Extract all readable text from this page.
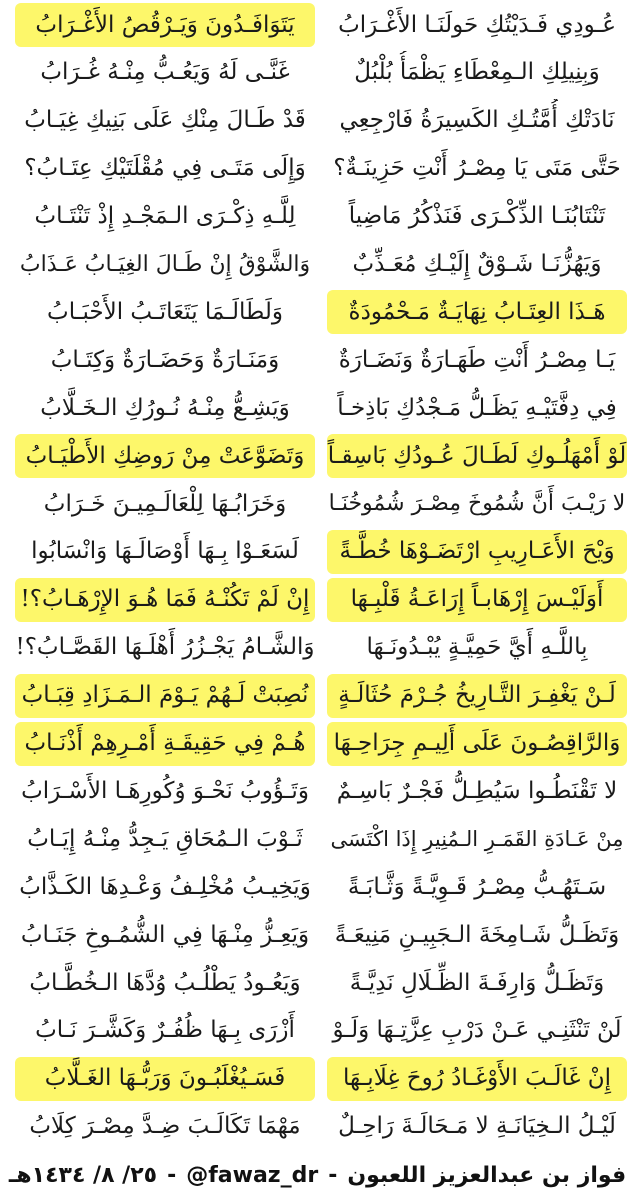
عُـودِي فَـدَيْتُكِ حَولَنَـا الأَغْـرَابُ
يَتَوَافَـدُونَ وَيَـرْقُصُ الأَغْـرَابُ
وَبِنِيلِكِ الـمِعْطَاءِ يَظْمَأُ بُلْبُلٌ
غَنَّـى لَهُ وَيَعُـبُّ مِنْـهُ غُـرَابُ
نَادَتْكِ أُمَّتُـكِ الكَسِيرَةُ فَارْجِعِي
قَدْ طَـالَ مِنْكِ عَلَى بَنِيكِ غِيَـابُ
حَتَّى مَتَى يَا مِصْـرُ أَنْتِ حَزِينَـةٌ؟
وَإِلَى مَتَـى فِي مُقْلَتَيْكِ عِتَـابُ؟
تَنْتَابُنَـا الذِّكْـرَى فَنَذْكُرُ مَاضِياً
لِلَّـهِ ذِكْـرَى الـمَجْـدِ إِذْ تَنْتَـابُ
وَيَهُزُّنَـا شَـوْقٌ إِلَيْـكِ مُعَـذِّبٌ
وَالشَّوْقُ إِنْ طَـالَ الغِيَـابُ عَـذَابُ
هَـذَا العِتَـابُ نِهَايَـةٌ مَـحْمُودَةٌ
وَلَطَالَـمَا يَتَعَاتَـبُ الأَحْبَـابُ
يَـا مِصْـرُ أَنْتِ طَهَـارَةٌ وَنَضَـارَةٌ
وَمَنَـارَةٌ وَحَضَـارَةٌ وَكِتَـابُ
فِي دِفَّتَيْـهِ يَظَـلُّ مَـجْدُكِ بَاذِخـاً
وَيَشِـعُّ مِنْـهُ نُـورُكِ الـخَـلَّابُ
لَوْ أَمْهَلُـوكِ لَطَـالَ عُـودُكِ بَاسِقـاً
وَتَضَوَّعَتْ مِنْ رَوضِكِ الأَطْيَـابُ
لا رَيْـبَ أَنَّ شُمُوخَ مِصْـرَ شُمُوخُنَـا
وَخَرَابُـهَا لِلْعَالَـمِيـنَ خَـرَابُ
وَيْحَ الأَعَـارِيبِ ارْتَضَـوْهَا خُطَّـةً
لَسَعَـوْا بِـهَا أَوْصَالَـهَا وَانْسَابُوا
أَوَلَيْـسَ إِرْهَابـاً إِرَاعَـةُ قَلْبِـهَا
إِنْ لَمْ تَكُنْـهُ فَمَا هُـوَ الإِرْهَـابُ؟!
بِاللَّـهِ أَيَّ حَمِيَّـةٍ يُبْـدُونَـهَا
وَالشَّـامُ يَجْـزُرُ أَهْلَـهَا القَصَّـابُ؟!
لَـنْ يَغْفِـرَ التَّـارِيخُ جُـرْمَ حُثَالَـةٍ
نُصِبَتْ لَـهُمْ يَـوْمَ الـمَـزَادِ قِبَـابُ
وَالرَّاقِصُـونَ عَلَى أَلِيـمِ جِرَاحِـهَا
هُـمْ فِي حَقِيقَـةِ أَمْـرِهِمْ أَذْنَـابُ
لا تَقْنَطُـوا سَيُطِـلُّ فَجْـرٌ بَاسِـمٌ
وَتَـؤُوبُ نَحْـوَ وُكُورِهَـا الأَسْـرَابُ
مِنْ عَـادَةِ القَمَـرِ الـمُنِيرِ إِذَا اكْتَسَى
ثَـوْبَ الـمُحَاقِ يَـجِدُّ مِنْـهُ إِيَـابُ
سَـتَهُـبُّ مِصْـرُ قَـوِيَّـةً وَثَّـابَـةً
وَيَخِيـبُ مُخْلِـفُ وَعْـدِهَا الكَـذَّابُ
وَتَظَـلُّ شَـامِخَةَ الـجَبِيـنِ مَنِيعَـةً
وَيَعِـزُّ مِنْـهَا فِي الشُّمُـوخِ جَنَـابُ
وَتَظَـلُّ وَارِفَـةَ الظِّـلَالِ نَدِيَّـةً
وَيَعُـودُ يَطْلُـبُ وُدَّهَا الـخُطَّـابُ
لَنْ تَنْثَنِـي عَـنْ دَرْبِ عِزَّتِـهَا وَلَـوْ
أَزْرَى بِـهَا ظُفُـرٌ وَكَشَّـرَ نَـابُ
إِنْ غَالَـبَ الأَوْغَـادُ رُوحَ غِلَابِـهَا
فَسَـيُغْلَبُـونَ وَرَبُّـهَا الغَـلَّابُ
لَيْـلُ الـخِيَانَـةِ لا مَـحَالَـةَ رَاحِـلٌ
مَهْمَا تَكَالَـبَ ضِـدَّ مِصْـرَ كِلَابُ
فواز بن عبدالعزيز اللعبون
-
@fawaz_dr
-
٢٥/ ٨/ ١٤٣٤هـ
